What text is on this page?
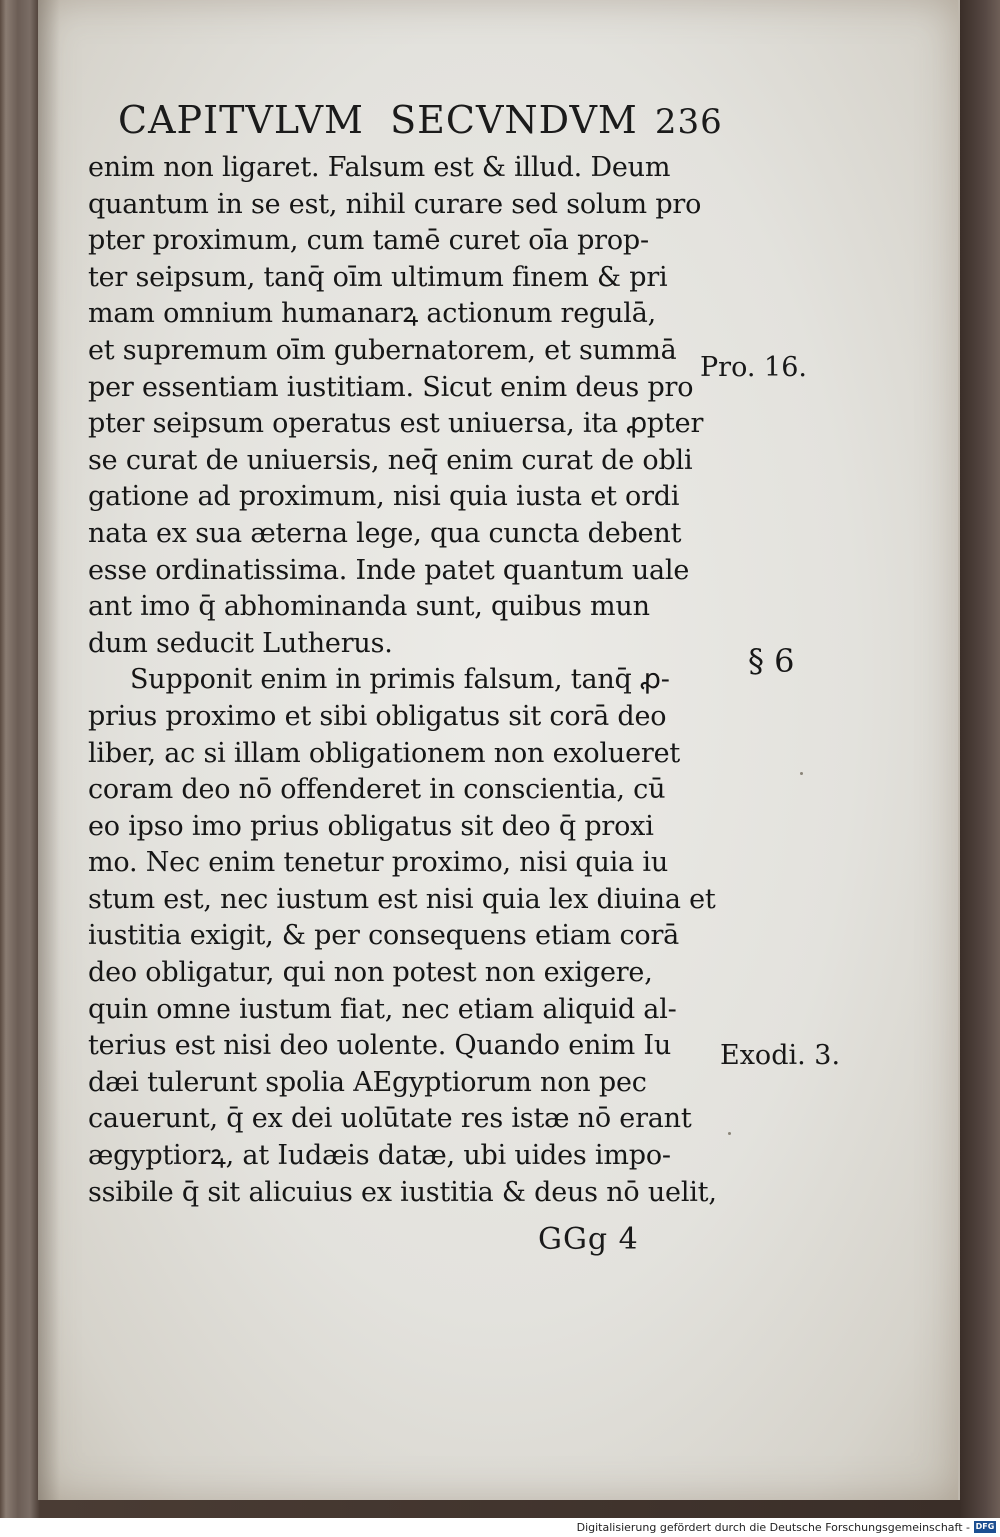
CAPITVLVM  SECVNDVM 236
enim non ligaret. Falsum est & illud. Deum
quantum in se est, nihil curare sed solum pro
pter proximum, cum tamē curet oīa prop-
ter seipsum, tanq̄ oīm ultimum finem & pri
mam omnium humanarꝝ actionum regulā,
et supremum oīm gubernatorem, et summā
per essentiam iustitiam. Sicut enim deus pro
pter seipsum operatus est uniuersa, ita ꝓpter
se curat de uniuersis, neq̄ enim curat de obli
gatione ad proximum, nisi quia iusta et ordi
nata ex sua æterna lege, qua cuncta debent
esse ordinatissima. Inde patet quantum uale
ant imo q̄ abhominanda sunt, quibus mun
dum seducit Lutherus.
Supponit enim in primis falsum, tanq̄ ꝓ-
prius proximo et sibi obligatus sit corā deo
liber, ac si illam obligationem non exolueret
coram deo nō offenderet in conscientia, cū
eo ipso imo prius obligatus sit deo q̄ proxi
mo. Nec enim tenetur proximo, nisi quia iu
stum est, nec iustum est nisi quia lex diuina et
iustitia exigit, & per consequens etiam corā
deo obligatur, qui non potest non exigere,
quin omne iustum fiat, nec etiam aliquid al-
terius est nisi deo uolente. Quando enim Iu
dæi tulerunt spolia AEgyptiorum non pec
cauerunt, q̄ ex dei uolūtate res istæ nō erant
ægyptiorꝝ, at Iudæis datæ, ubi uides impo-
ssibile q̄ sit alicuius ex iustitia & deus nō uelit,
Pro. 16.
§ 6
Exodi. 3.
GGg 4
Digitalisierung gefördert durch die Deutsche Forschungsgemeinschaft - DFG
